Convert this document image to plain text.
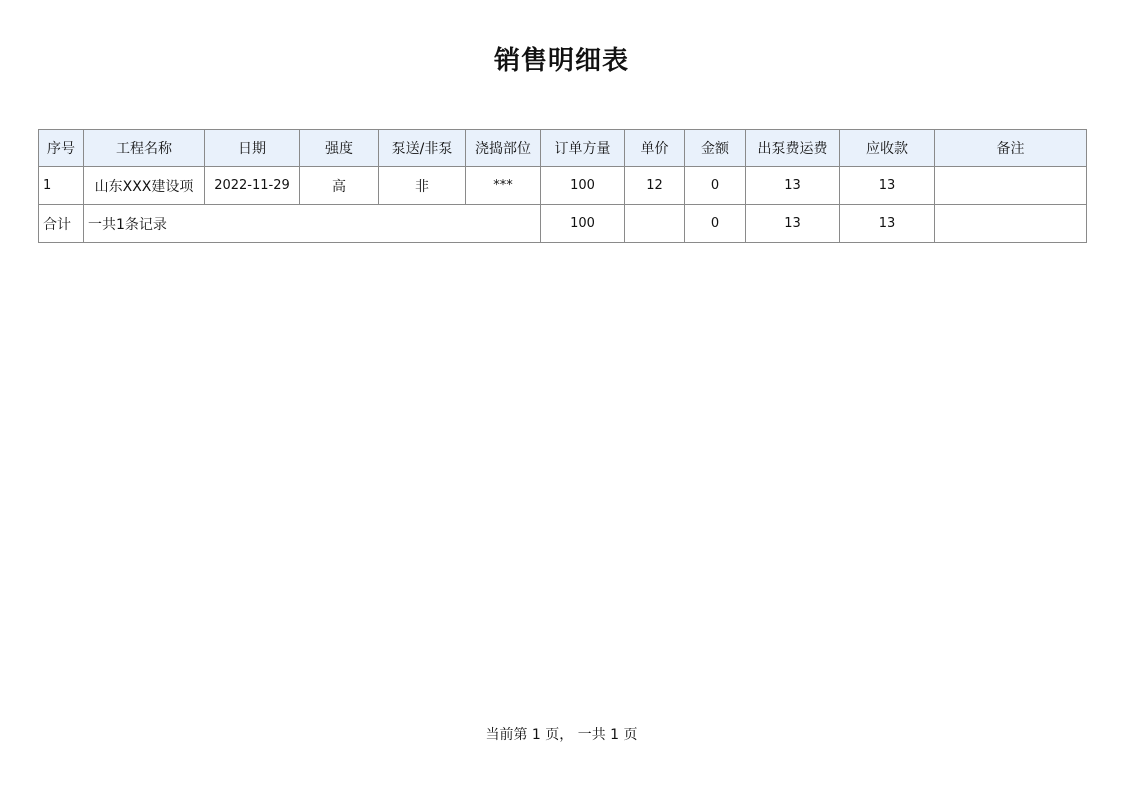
销售明细表
序号	工程名称	日期	强度	泵送/非泵	浇捣部位	订单方量	单价	金额	出泵费运费	应收款	备注
1	山东XXX建设项	2022-11-29	高	非	***	100	12	0	13	13	
合计	一共1条记录					100		0	13	13	
当前第 1 页， 一共 1 页
